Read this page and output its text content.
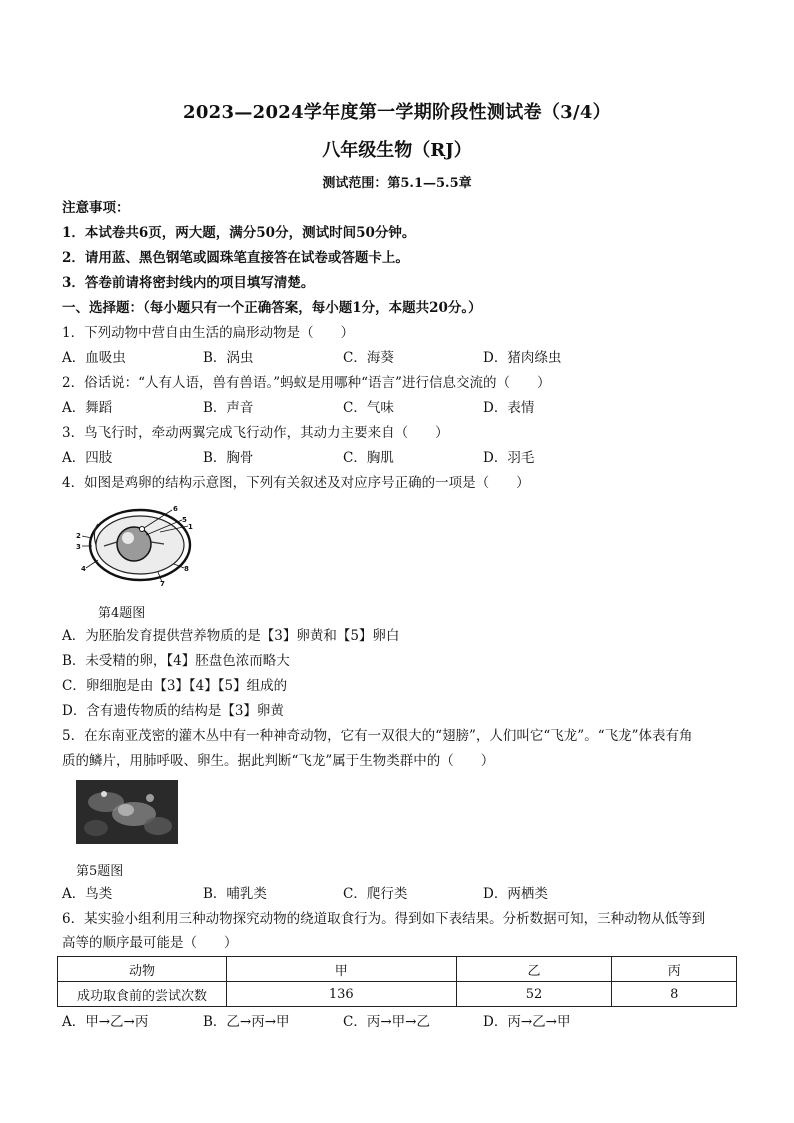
2023—2024学年度第一学期阶段性测试卷（3/4）
八年级生物（RJ）
测试范围：第5.1—5.5章
注意事项：
1．本试卷共6页，两大题，满分50分，测试时间50分钟。
2．请用蓝、黑色钢笔或圆珠笔直接答在试卷或答题卡上。
3．答卷前请将密封线内的项目填写清楚。
一、选择题：（每小题只有一个正确答案，每小题1分，本题共20分。）
1．下列动物中营自由生活的扁形动物是（　　）
A．血吸虫	B．涡虫	C．海葵	D．猪肉绦虫
2．俗话说：“人有人语，兽有兽语。”蚂蚁是用哪种“语言”进行信息交流的（　　）
A．舞蹈	B．声音	C．气味	D．表情
3．鸟飞行时，牵动两翼完成飞行动作，其动力主要来自（　　）
A．四肢	B．胸骨	C．胸肌	D．羽毛
4．如图是鸡卵的结构示意图，下列有关叙述及对应序号正确的一项是（　　）
6
5
1
8
7
4
2
3
第4题图
A．为胚胎发育提供营养物质的是【3】卵黄和【5】卵白
B．未受精的卵，【4】胚盘色浓而略大
C．卵细胞是由【3】【4】【5】组成的
D．含有遗传物质的结构是【3】卵黄
5．在东南亚茂密的灌木丛中有一种神奇动物，它有一双很大的“翅膀”，人们叫它“飞龙”。“飞龙”体表有角
质的鳞片，用肺呼吸、卵生。据此判断“飞龙”属于生物类群中的（　　）
第5题图
A．鸟类	B．哺乳类	C．爬行类	D．两栖类
6．某实验小组利用三种动物探究动物的绕道取食行为。得到如下表结果。分析数据可知，三种动物从低等到
高等的顺序最可能是（　　）
动物	甲	乙	丙
成功取食前的尝试次数	136	52	8
A．甲→乙→丙	B．乙→丙→甲	C．丙→甲→乙	D．丙→乙→甲
